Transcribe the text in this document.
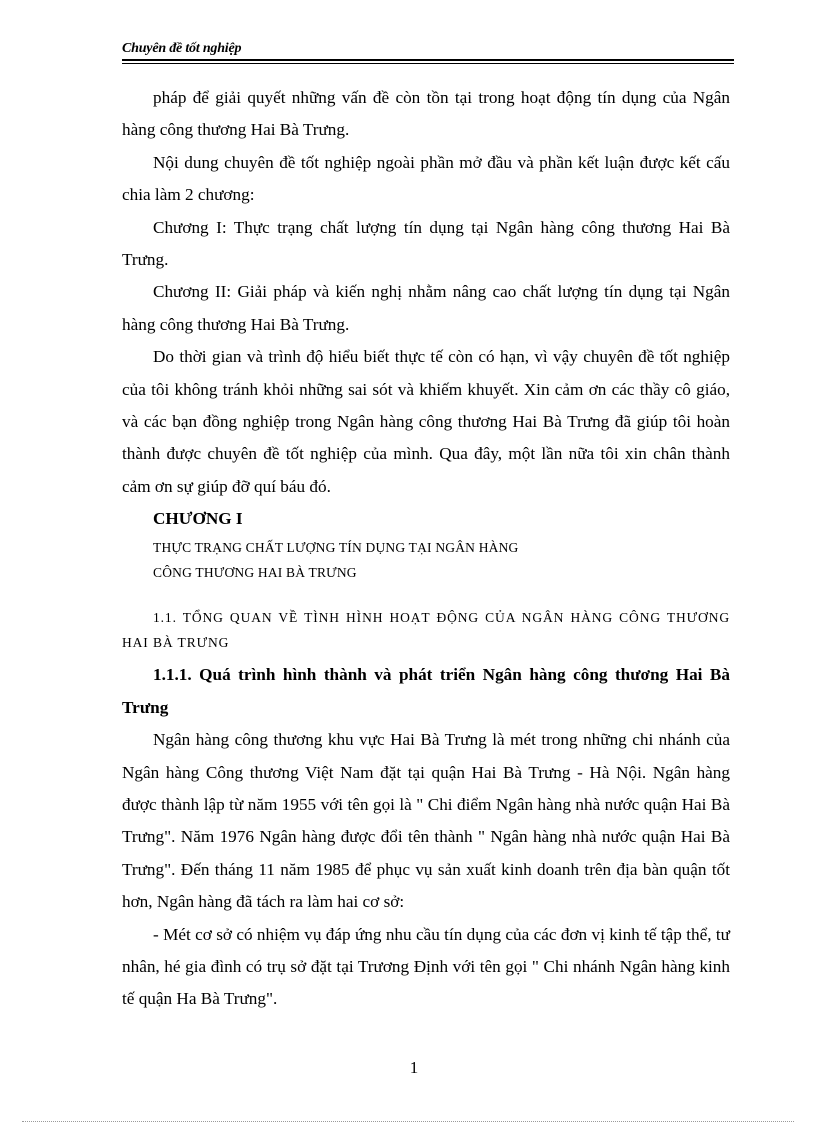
Chuyên đề tốt nghiệp

pháp để giải quyết những vấn đề còn tồn tại trong hoạt động tín dụng của Ngân hàng công thương Hai Bà Trưng.

Nội dung chuyên đề tốt nghiệp ngoài phần mở đầu và phần kết luận được kết cấu chia làm 2 chương:

Chương I: Thực trạng chất lượng tín dụng tại Ngân hàng công thương Hai Bà Trưng.

Chương II: Giải pháp và kiến nghị nhằm nâng cao chất lượng tín dụng tại Ngân hàng công thương Hai Bà Trưng.

Do thời gian và trình độ hiểu biết thực tế còn có hạn, vì vậy chuyên đề tốt nghiệp của tôi không tránh khỏi những sai sót và khiếm khuyết. Xin cảm ơn các thầy cô giáo, và các bạn đồng nghiệp trong Ngân hàng công thương Hai Bà Trưng đã giúp tôi hoàn thành được chuyên đề tốt nghiệp của mình. Qua đây, một lần nữa tôi xin chân thành cảm ơn sự giúp đỡ quí báu đó.

CHƯƠNG I

THỰC TRẠNG CHẤT LƯỢNG TÍN DỤNG TẠI NGÂN HÀNG

CÔNG THƯƠNG HAI BÀ TRƯNG

1.1. TỔNG QUAN VỀ TÌNH HÌNH HOẠT ĐỘNG CỦA NGÂN HÀNG CÔNG THƯƠNG HAI BÀ TRƯNG

1.1.1. Quá trình hình thành và phát triển Ngân hàng công thương Hai Bà Trưng

Ngân hàng công thương khu vực Hai Bà Trưng là mét trong những chi nhánh của Ngân hàng Công thương Việt Nam đặt tại quận Hai Bà Trưng - Hà Nội. Ngân hàng được thành lập từ năm 1955 với tên gọi là " Chi điểm Ngân hàng nhà nước quận Hai Bà Trưng". Năm 1976 Ngân hàng được đổi tên thành " Ngân hàng nhà nước quận Hai Bà Trưng". Đến tháng 11 năm 1985 để phục vụ sản xuất kinh doanh trên địa bàn quận tốt hơn, Ngân hàng đã tách ra làm hai cơ sở:

- Mét cơ sở có nhiệm vụ đáp ứng nhu cầu tín dụng của các đơn vị kinh tế tập thể, tư nhân, hé gia đình có trụ sở đặt tại Trương Định với tên gọi " Chi nhánh Ngân hàng kinh tế quận Ha Bà Trưng".

1
